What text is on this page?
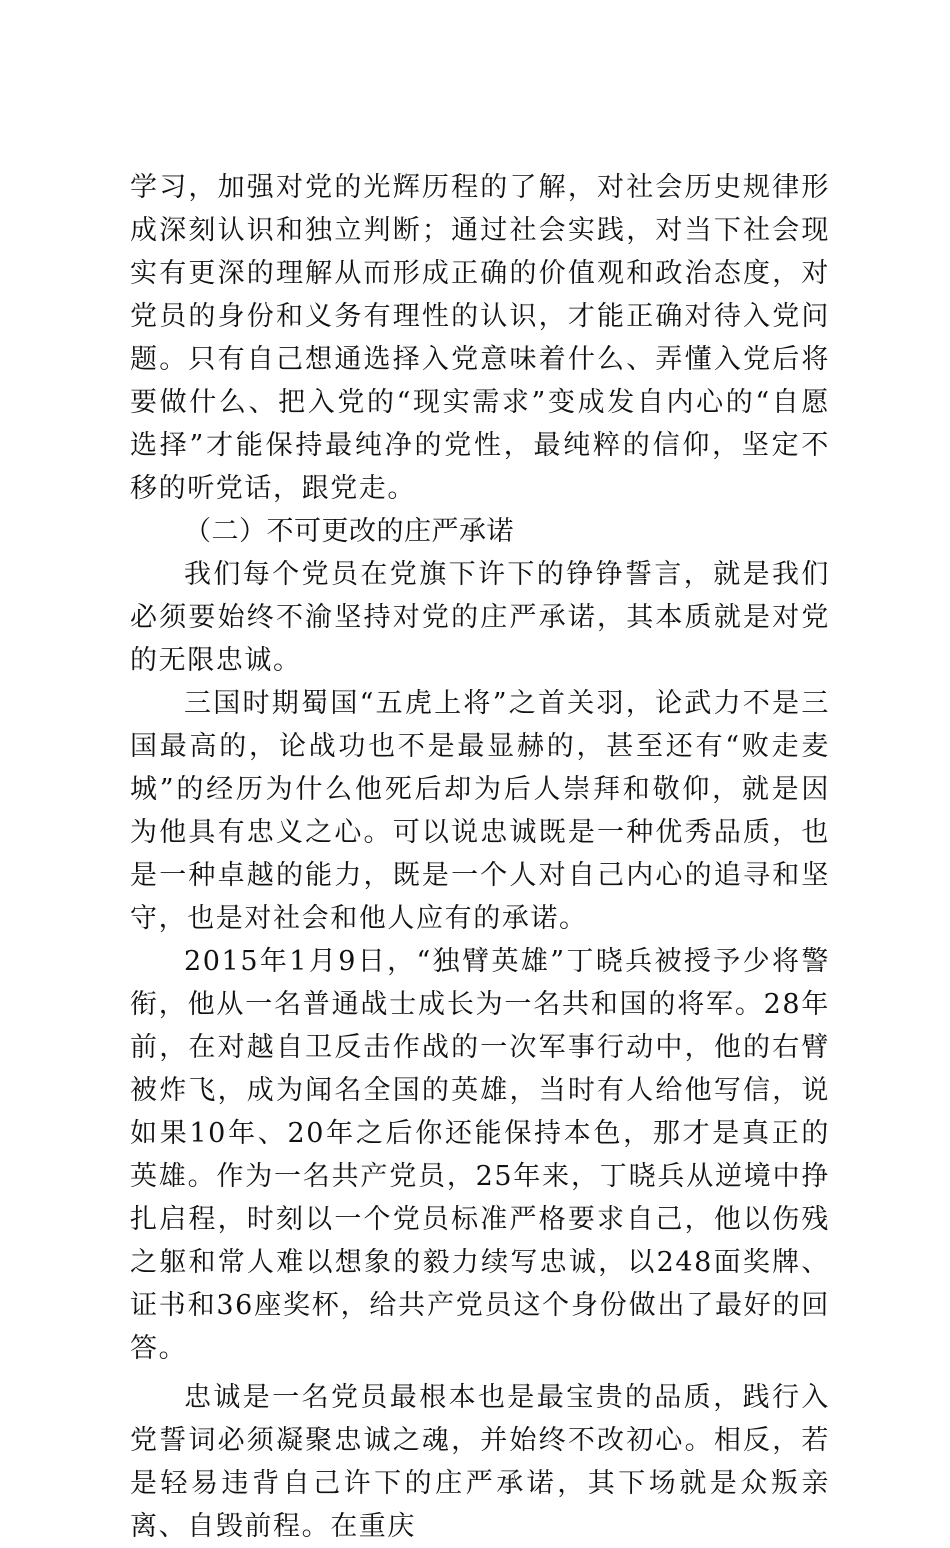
学习，加强对党的光辉历程的了解，对社会历史规律形成深刻认识和独立判断；通过社会实践，对当下社会现实有更深的理解从而形成正确的价值观和政治态度，对党员的身份和义务有理性的认识，才能正确对待入党问题。只有自己想通选择入党意味着什么、弄懂入党后将要做什么、把入党的“现实需求”变成发自内心的“自愿选择”才能保持最纯净的党性，最纯粹的信仰，坚定不移的听党话，跟党走。

（二）不可更改的庄严承诺

我们每个党员在党旗下许下的铮铮誓言，就是我们必须要始终不渝坚持对党的庄严承诺，其本质就是对党的无限忠诚。

三国时期蜀国“五虎上将”之首关羽，论武力不是三国最高的，论战功也不是最显赫的，甚至还有“败走麦城”的经历为什么他死后却为后人崇拜和敬仰，就是因为他具有忠义之心。可以说忠诚既是一种优秀品质，也是一种卓越的能力，既是一个人对自己内心的追寻和坚守，也是对社会和他人应有的承诺。

2015年1月9日，“独臂英雄”丁晓兵被授予少将警衔，他从一名普通战士成长为一名共和国的将军。28年前，在对越自卫反击作战的一次军事行动中，他的右臂被炸飞，成为闻名全国的英雄，当时有人给他写信，说如果10年、20年之后你还能保持本色，那才是真正的英雄。作为一名共产党员，25年来，丁晓兵从逆境中挣扎启程，时刻以一个党员标准严格要求自己，他以伤残之躯和常人难以想象的毅力续写忠诚，以248面奖牌、证书和36座奖杯，给共产党员这个身份做出了最好的回答。

忠诚是一名党员最根本也是最宝贵的品质，践行入党誓词必须凝聚忠诚之魂，并始终不改初心。相反，若是轻易违背自己许下的庄严承诺，其下场就是众叛亲离、自毁前程。在重庆
